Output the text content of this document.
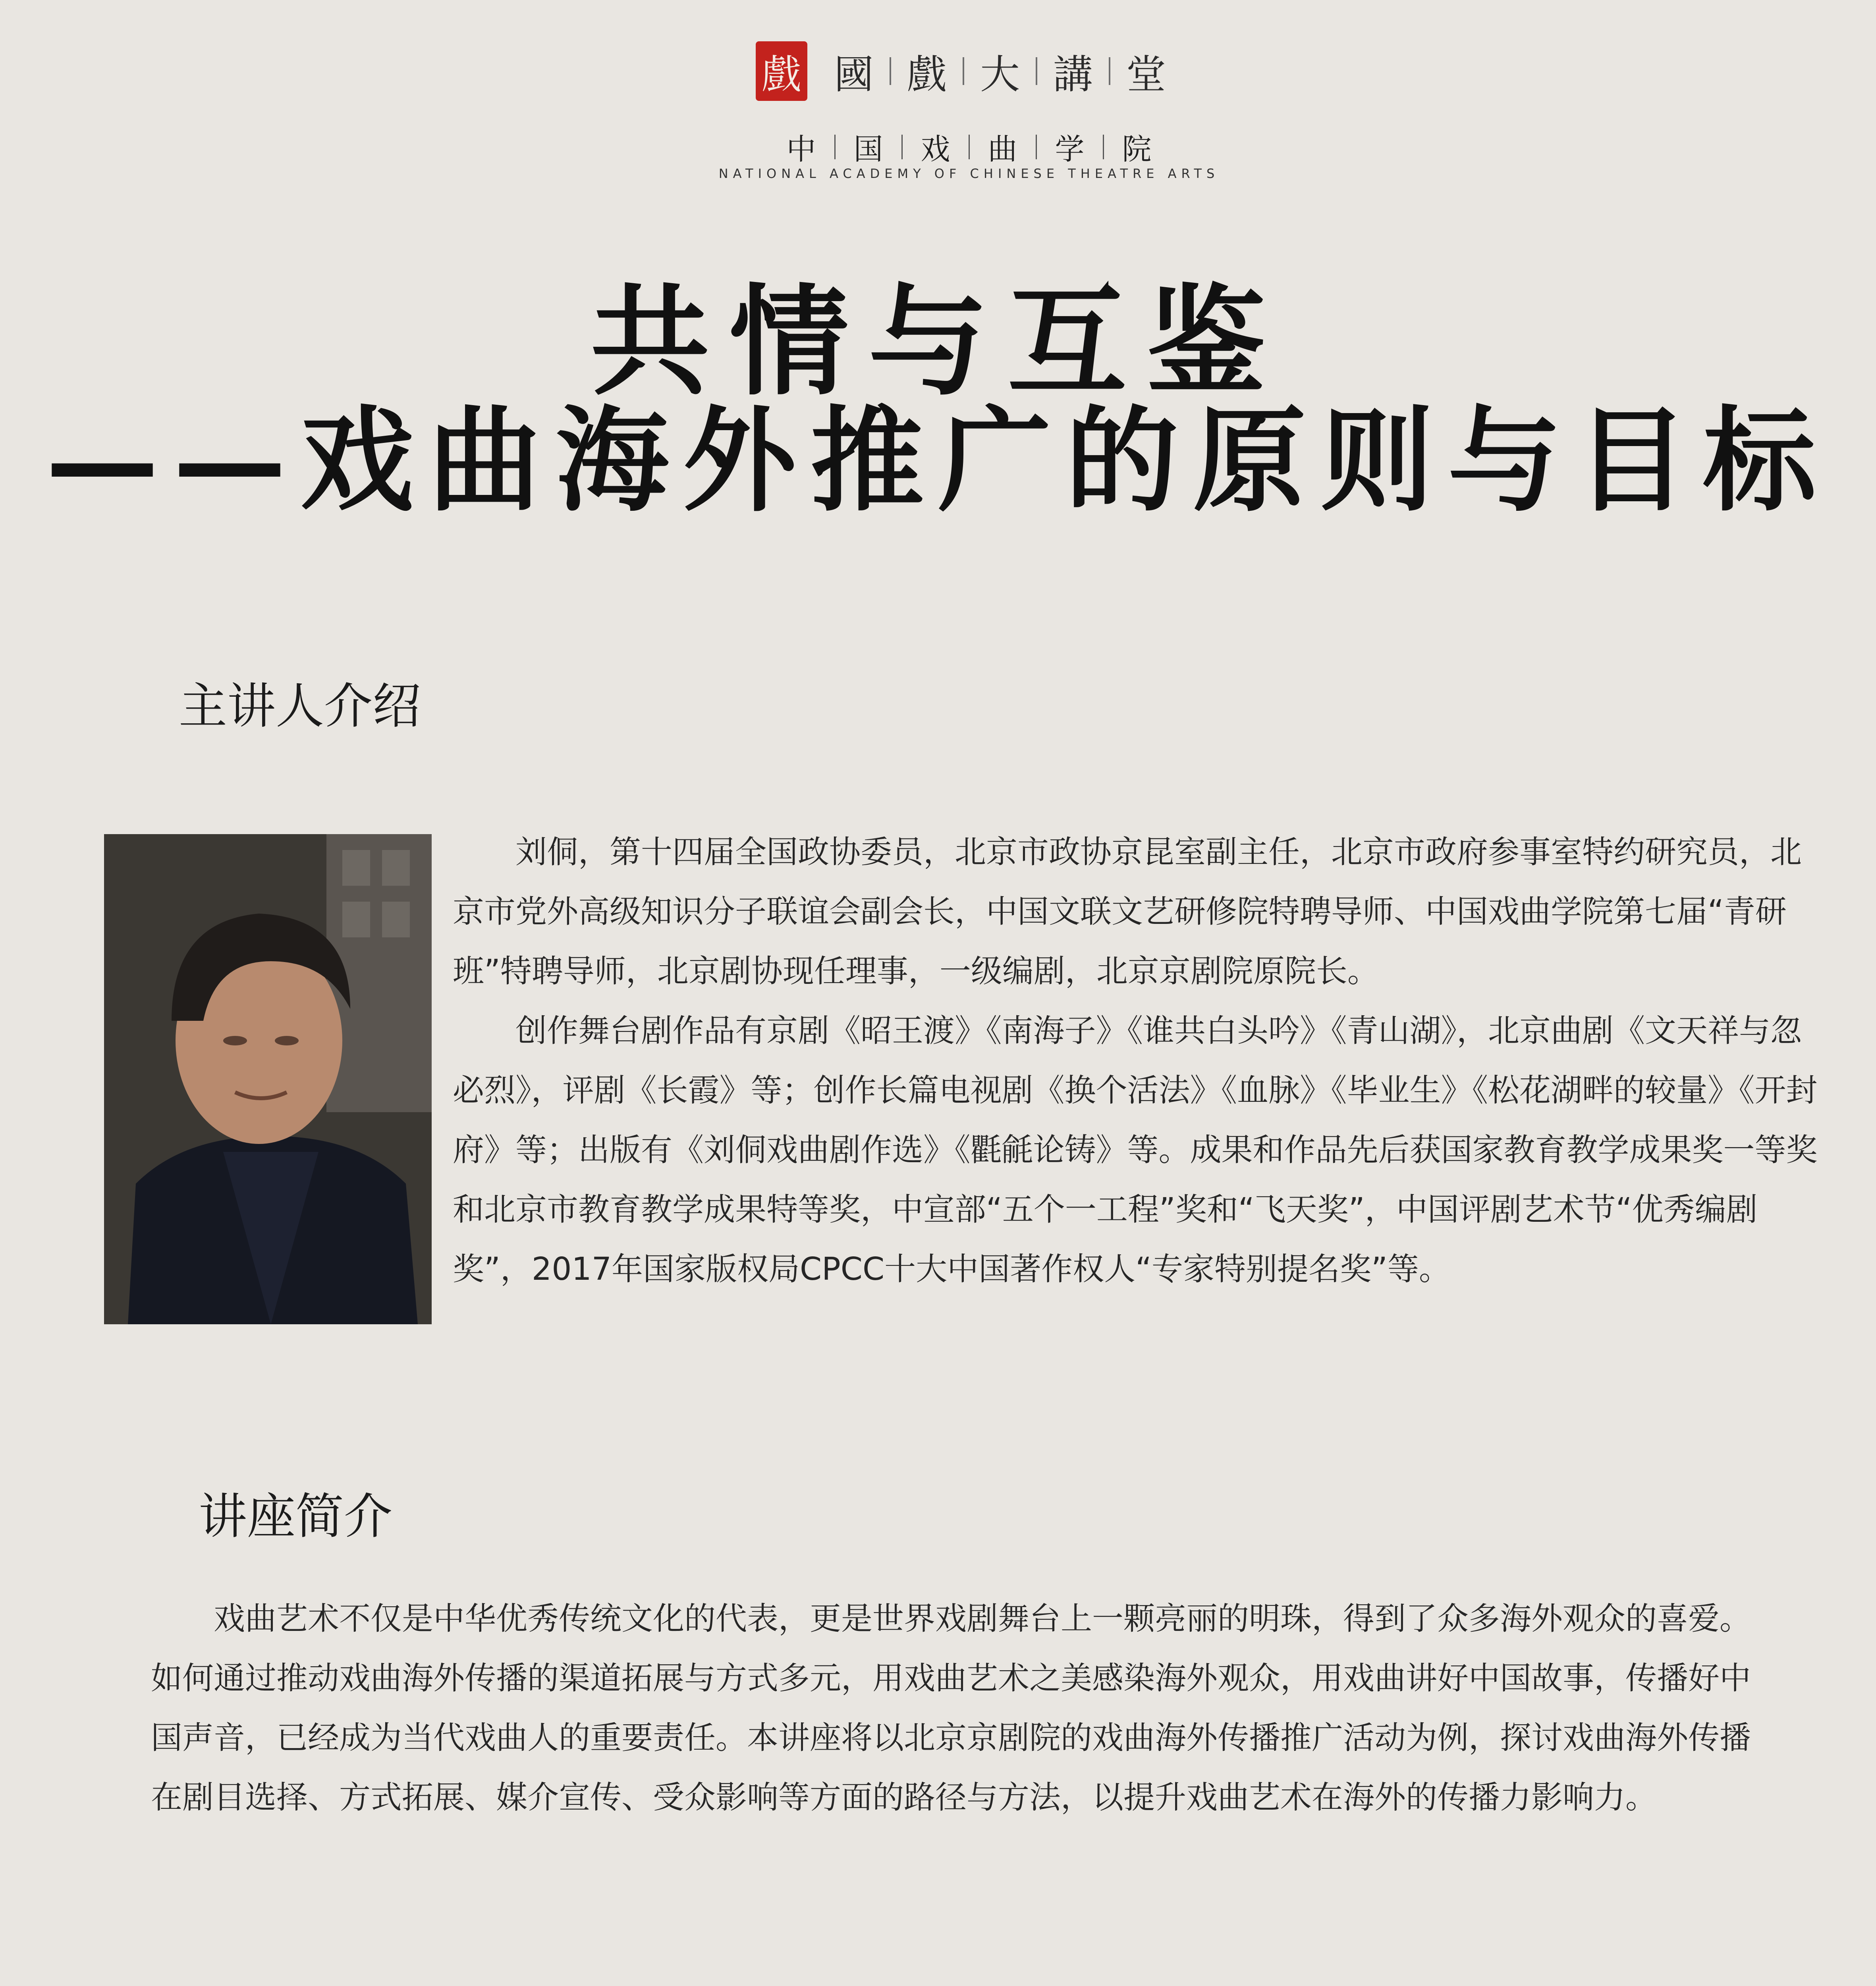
戲 國 戲 大 講 堂
中 国 戏 曲 学 院
NATIONAL ACADEMY OF CHINESE THEATRE ARTS
共情与互鉴
——戏曲海外推广的原则与目标
主讲人介绍

刘侗，第十四届全国政协委员，北京市政协京昆室副主任，北京市政府参事室特约研究员，北京市党外高级知识分子联谊会副会长，中国文联文艺研修院特聘导师、中国戏曲学院第七届“青研班”特聘导师，北京剧协现任理事，一级编剧，北京京剧院原院长。

创作舞台剧作品有京剧《昭王渡》《南海子》《谁共白头吟》《青山湖》，北京曲剧《文天祥与忽必烈》，评剧《长霞》等；创作长篇电视剧《换个活法》《血脉》《毕业生》《松花湖畔的较量》《开封府》等；出版有《刘侗戏曲剧作选》《氍毹论铸》等。成果和作品先后获国家教育教学成果奖一等奖和北京市教育教学成果特等奖，中宣部“五个一工程”奖和“飞天奖”，中国评剧艺术节“优秀编剧奖”，2017年国家版权局CPCC十大中国著作权人“专家特别提名奖”等。

讲座简介

戏曲艺术不仅是中华优秀传统文化的代表，更是世界戏剧舞台上一颗亮丽的明珠，得到了众多海外观众的喜爱。如何通过推动戏曲海外传播的渠道拓展与方式多元，用戏曲艺术之美感染海外观众，用戏曲讲好中国故事，传播好中国声音，已经成为当代戏曲人的重要责任。本讲座将以北京京剧院的戏曲海外传播推广活动为例，探讨戏曲海外传播在剧目选择、方式拓展、媒介宣传、受众影响等方面的路径与方法，以提升戏曲艺术在海外的传播力影响力。
